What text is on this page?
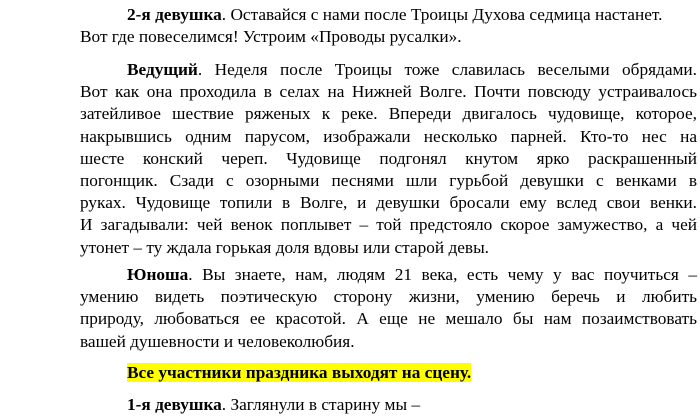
2-я девушка. Оставайся с нами после Троицы Духова седмица настанет.
Вот где повеселимся! Устроим «Проводы русалки».
Ведущий. Неделя после Троицы тоже славилась веселыми обрядами.
Вот как она проходила в селах на Нижней Волге. Почти повсюду устраивалось
затейливое шествие ряженых к реке. Впереди двигалось чудовище, которое,
накрывшись одним парусом, изображали несколько парней. Кто-то нес на
шесте конский череп. Чудовище подгонял кнутом ярко раскрашенный
погонщик. Сзади с озорными песнями шли гурьбой девушки с венками в
руках. Чудовище топили в Волге, и девушки бросали ему вслед свои венки.
И загадывали: чей венок поплывет – той предстояло скорое замужество, а чей
утонет – ту ждала горькая доля вдовы или старой девы.
Юноша. Вы знаете, нам, людям 21 века, есть чему у вас поучиться –
умению видеть поэтическую сторону жизни, умению беречь и любить
природу, любоваться ее красотой. А еще не мешало бы нам позаимствовать
вашей душевности и человеколюбия.
Все участники праздника выходят на сцену.
1-я девушка. Заглянули в старину мы –
